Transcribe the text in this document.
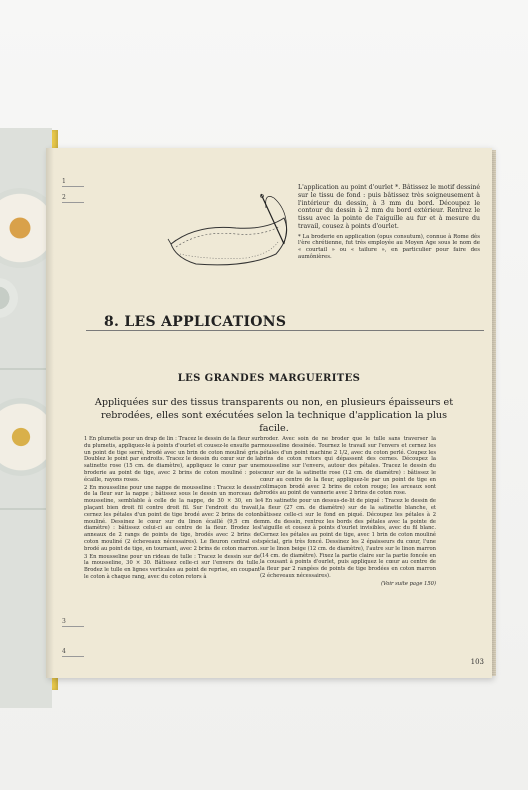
1
2
3
4
L'application au point d'ourlet *. Bâtissez le motif dessiné sur le tissu de fond : puis bâtissez très soigneusement à l'intérieur du dessin, à 3 mm du bord. Découpez le contour du dessin à 2 mm du bord extérieur. Rentrez le tissu avec la pointe de l'aiguille au fur et à mesure du travail, cousez à points d'ourlet.
* La broderie en application (opus consutum), connue à Rome dès l'ère chrétienne, fut très employée au Moyen Age sous le nom de « courtail » ou « tailure », en particulier pour faire des aumônières.
8. LES APPLICATIONS
LES GRANDES MARGUERITES
Appliquées sur des tissus transparents ou non, en plusieurs épaisseurs et rebrodées, elles sont exécutées selon la technique d'application la plus facile.

1 En plumetis pour un drap de lin : Tracez le dessin de la fleur sur du plumetis, appliquez-le à points d'ourlet et cousez-le ensuite par un point de tige serré, brodé avec un brin de coton mouliné gris. Doublez le point par endroits. Tracez le dessin du cœur sur de la satinette rose (15 cm. de diamètre), appliquez le cœur par une broderie au point de tige, avec 2 brins de coton mouliné : pois écaille, rayons roses.

2 En mousseline pour une nappe de mousseline : Tracez le dessin de la fleur sur la nappe ; bâtissez sous le dessin un morceau de mousseline, semblable à celle de la nappe, de 30 × 30, en le plaçant bien droit fil contre droit fil. Sur l'endroit du travail, cernez les pétales d'un point de tige brodé avec 2 brins de coton mouliné. Dessinez le cœur sur du linon écaillé (9,5 cm de diamètre) : bâtissez celui-ci au centre de la fleur. Brodez les anneaux de 2 rangs de points de tige, brodés avec 2 brins de coton mouliné (2 écheveaux nécessaires). Le fleuron central est brodé au point de tige, en tournant, avec 2 brins de coton marron.

3 En mousseline pour un rideau de tulle : Tracez le dessin sur de la mousseline, 30 × 30. Bâtissez celle-ci sur l'envers du tulle. Brodez le tulle en lignes verticales au point de reprise, en coupant le coton à chaque rang, avec du coton retors à

broder. Avec soin de ne broder que le tulle sans traverser la mousseline dessinée. Tournez le travail sur l'envers et cernez les pétales d'un point machine 2 1/2, avec du coton perlé. Coupez les brins de coton retors qui dépassent des cernes. Découpez la mousseline sur l'envers, autour des pétales. Tracez le dessin du cœur sur de la satinette rose (12 cm. de diamètre) : bâtissez le cœur au centre de la fleur, appliquez-le par un point de tige en colimaçon brodé avec 2 brins de coton rouge; les arceaux sont brodés au point de vannerie avec 2 brins de coton rose.

4 En satinette pour un dessus-de-lit de piqué : Tracez le dessin de la fleur (27 cm. de diamètre) sur de la satinette blanche, et bâtissez celle-ci sur le fond en piqué. Découpez les pétales à 2 mm. du dessin, rentrez les bords des pétales avec la pointe de l'aiguille et cousez à points d'ourlet invisibles, avec du fil blanc. Cernez les pétales au point de tige, avec 1 brin de coton mouliné spécial, gris très foncé. Dessinez les 2 épaisseurs du cœur, l'une sur le linon beige (12 cm. de diamètre), l'autre sur le linon marron (14 cm. de diamètre). Fixez la partie claire sur la partie foncée en la cousant à points d'ourlet, puis appliquez le cœur au centre de la fleur par 2 rangées de points de tige brodées en coton marron (2 écheveaux nécessaires).

(Voir suite page 150)

103
